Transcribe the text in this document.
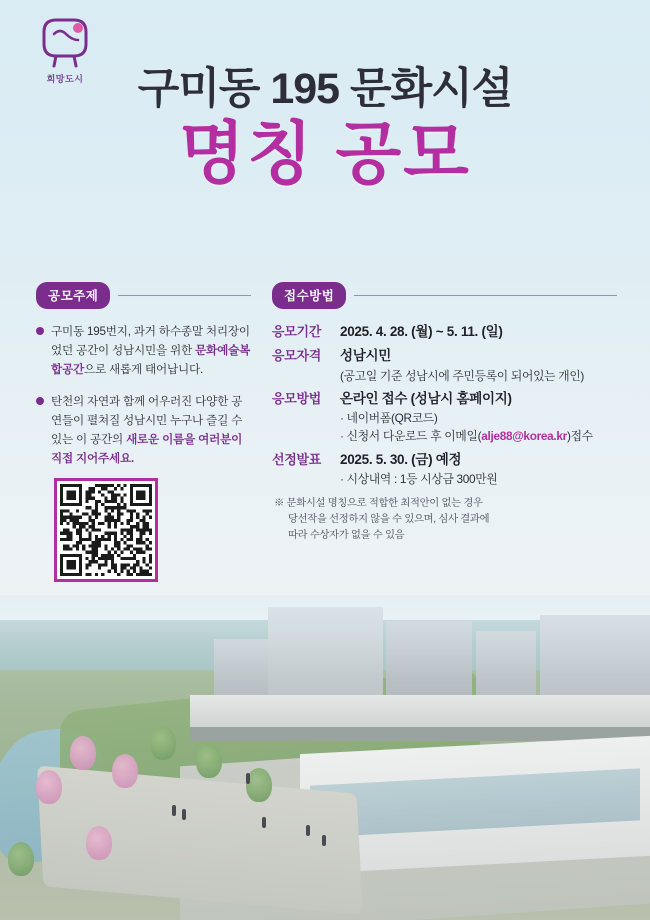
희망도시	구미동 195 문화시설
명칭 공모
공모주제
구미동 195번지, 과거 하수종말 처리장이었던 공간이 성남시민을 위한 문화예술복합공간으로 새롭게 태어납니다.
탄천의 자연과 함께 어우러진 다양한 공연들이 펼쳐질 성남시민 누구나 즐길 수 있는 이 공간의 새로운 이름을 여러분이 직접 지어주세요.
접수방법
응모기간	2025. 4. 28. (월) ~ 5. 11. (일)
응모자격	성남시민
(공고일 기준 성남시에 주민등록이 되어있는 개인)
응모방법	온라인 접수 (성남시 홈페이지)
· 네이버폼(QR코드)
· 신청서 다운로드 후 이메일(alje88@korea.kr)접수
선정발표	2025. 5. 30. (금) 예정
· 시상내역 : 1등 시상금 300만원
※ 문화시설 명칭으로 적합한 최적안이 없는 경우
당선작을 선정하지 않을 수 있으며, 심사 결과에
따라 수상자가 없을 수 있음
